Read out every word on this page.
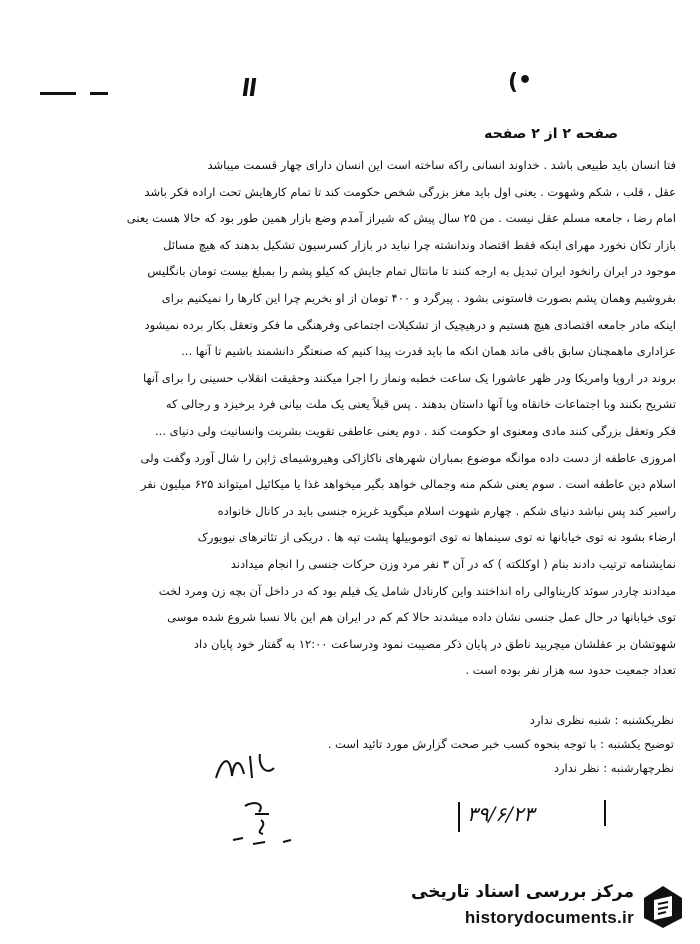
( •
صفحه ۲ از ۲ صفحه

فتا انسان باید طبیعی باشد . خداوند انسانی راکه ساخته است این انسان دارای چهار قسمت میباشد

عقل ، قلب ، شکم وشهوت . یعنی اول باید مغز بزرگی شخص حکومت کند تا تمام کارهایش تحت اراده فکر باشد

امام رضا ، جامعه مسلم عقل نیست . من ۲۵ سال پیش که شیراز آمدم وضع بازار همین طور بود که حالا هست یعنی

بازار تکان نخورد مهرای اینکه فقط اقتصاد وندانشته چرا نباید در بازار کسرسیون تشکیل بدهند که هیچ مسائل

موجود در ایران رانخود ایران تبدیل به ارجه کنند تا مانتال تمام جایش که کیلو پشم را بمبلغ بیست تومان بانگلیس

بفروشیم وهمان پشم بصورت فاستونی بشود . پیرگرد و ۴۰۰ تومان از او بخریم چرا این کارها را نمیکنیم برای

اینکه مادر جامعه اقتصادی هیچ هستیم و درهیچیک از تشکیلات اجتماعی وفرهنگی ما فکر وتعقل بکار برده نمیشود

عزاداری ماهمچنان سابق باقی ماند همان انکه ما باید قدرت پیدا کنیم که صنعتگر دانشمند باشیم تا آنها ...

بروند در اروپا وامریکا ودر ظهر عاشورا یک ساعت خطبه ونماز را اجرا میکنند وحقیقت انقلاب حسینی را برای آنها

تشریح بکنند وبا اجتماعات خانقاه ویا آنها داستان بدهند . پس قبلاً یعنی یک ملت بیانی فرد برخیزد و رجالی که

فکر وتعقل بزرگی کنند مادی ومعنوی او حکومت کند . دوم یعنی عاطفی تقویت بشریت وانسانیت ولی دنیای ...

امروزی عاطفه از دست داده موانگه موضوع بمباران شهرهای ناکازاکی وهیروشیمای ژاپن را شال آورد وگفت ولی

اسلام دین عاطفه است . سوم یعنی شکم منه وجمالی خواهد بگیر میخواهد غذا یا میکائیل امیتواند ۶۲۵ میلیون نفر

راسیر کند پس نباشد دنیای شکم . چهارم شهوت اسلام میگوید غریزه جنسی باید در کانال خانواده

ارضاء بشود نه توی خیابانها نه توی سینماها نه توی اتوموبیلها پشت تپه ها . دریکی از تئاترهای نیویورک

نمایشنامه ترتیب دادند بنام ( اوکلکته ) که در آن ۳ نفر مرد وزن حرکات جنسی را انجام میدادند

میدادند چاردر سوئد کاریناوالی راه انداختند واین کارنادل شامل یک فیلم بود که در داخل آن بچه زن ومرد لخت

توی خیابانها در حال عمل جنسی نشان داده میشدند حالا کم کم در ایران هم این بالا نسبا شروع شده موسی

شهوتشان بر عقلشان میچربید ناطق در پایان ذکر مصیبت نمود ودرساعت ۱۲:۰۰ به گفتار خود پایان داد

تعداد جمعیت حدود سه هزار نفر بوده است .

نظریکشنبه : شنبه نظری ندارد
توضیح یکشنبه : با توجه بنحوه کسب خبر صحت گزارش مورد تائید است .
نظرچهارشنبه : نظر ندارد
۳۹/۶/۲۳
مرکز بررسی اسناد تاریخی
historydocuments.ir
